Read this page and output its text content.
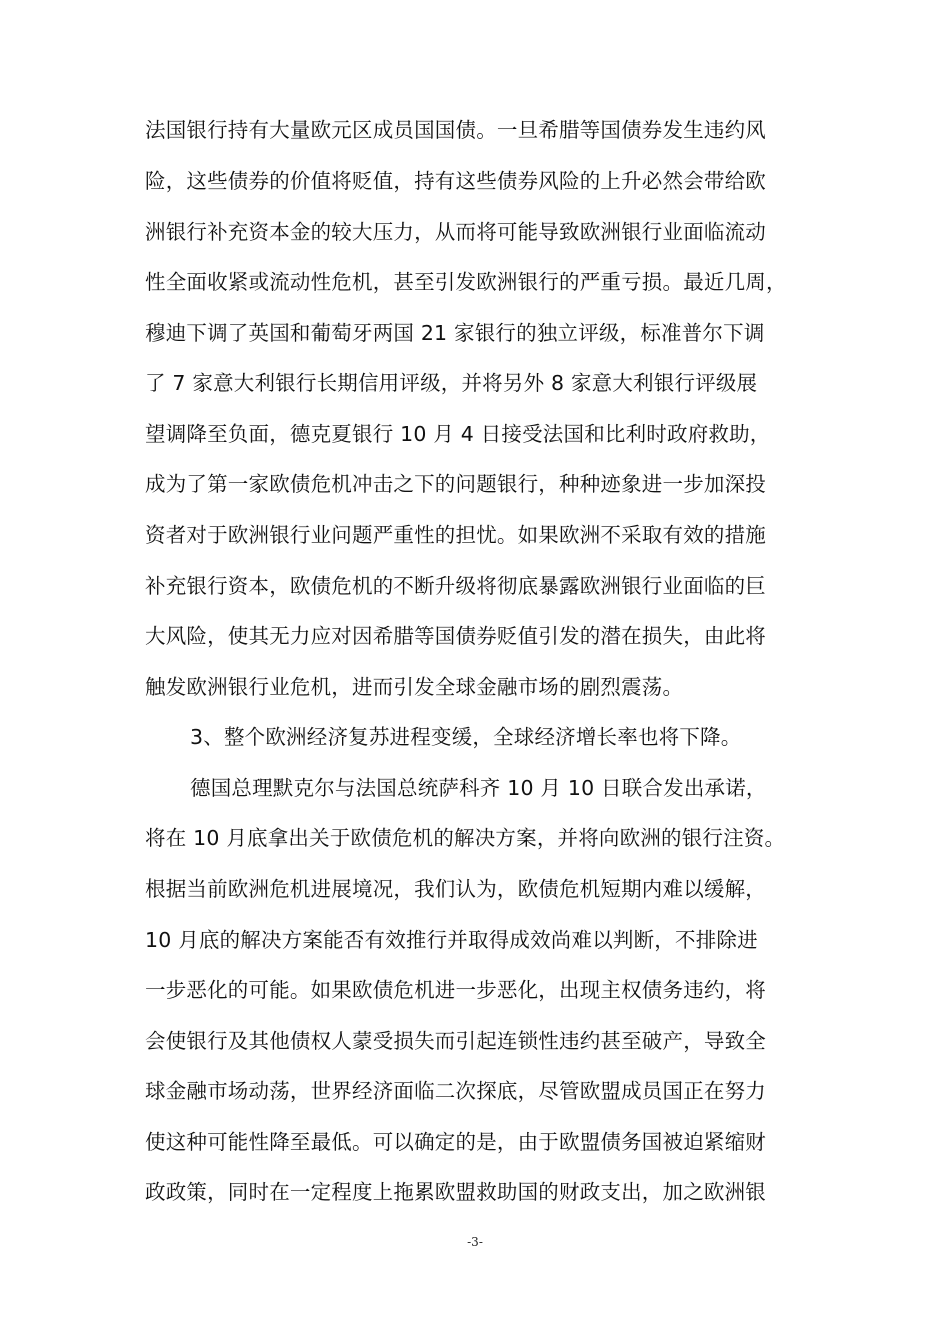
法国银行持有大量欧元区成员国国债。一旦希腊等国债券发生违约风
险，这些债券的价值将贬值，持有这些债券风险的上升必然会带给欧
洲银行补充资本金的较大压力，从而将可能导致欧洲银行业面临流动
性全面收紧或流动性危机，甚至引发欧洲银行的严重亏损。最近几周，
穆迪下调了英国和葡萄牙两国 21 家银行的独立评级，标准普尔下调
了 7 家意大利银行长期信用评级，并将另外 8 家意大利银行评级展
望调降至负面，德克夏银行 10 月 4 日接受法国和比利时政府救助，
成为了第一家欧债危机冲击之下的问题银行，种种迹象进一步加深投
资者对于欧洲银行业问题严重性的担忧。如果欧洲不采取有效的措施
补充银行资本，欧债危机的不断升级将彻底暴露欧洲银行业面临的巨
大风险，使其无力应对因希腊等国债券贬值引发的潜在损失，由此将
触发欧洲银行业危机，进而引发全球金融市场的剧烈震荡。
3、整个欧洲经济复苏进程变缓，全球经济增长率也将下降。
德国总理默克尔与法国总统萨科齐 10 月 10 日联合发出承诺，
将在 10 月底拿出关于欧债危机的解决方案，并将向欧洲的银行注资。
根据当前欧洲危机进展境况，我们认为，欧债危机短期内难以缓解，
10 月底的解决方案能否有效推行并取得成效尚难以判断，不排除进
一步恶化的可能。如果欧债危机进一步恶化，出现主权债务违约，将
会使银行及其他债权人蒙受损失而引起连锁性违约甚至破产，导致全
球金融市场动荡，世界经济面临二次探底，尽管欧盟成员国正在努力
使这种可能性降至最低。可以确定的是，由于欧盟债务国被迫紧缩财
政政策，同时在一定程度上拖累欧盟救助国的财政支出，加之欧洲银
-3-
